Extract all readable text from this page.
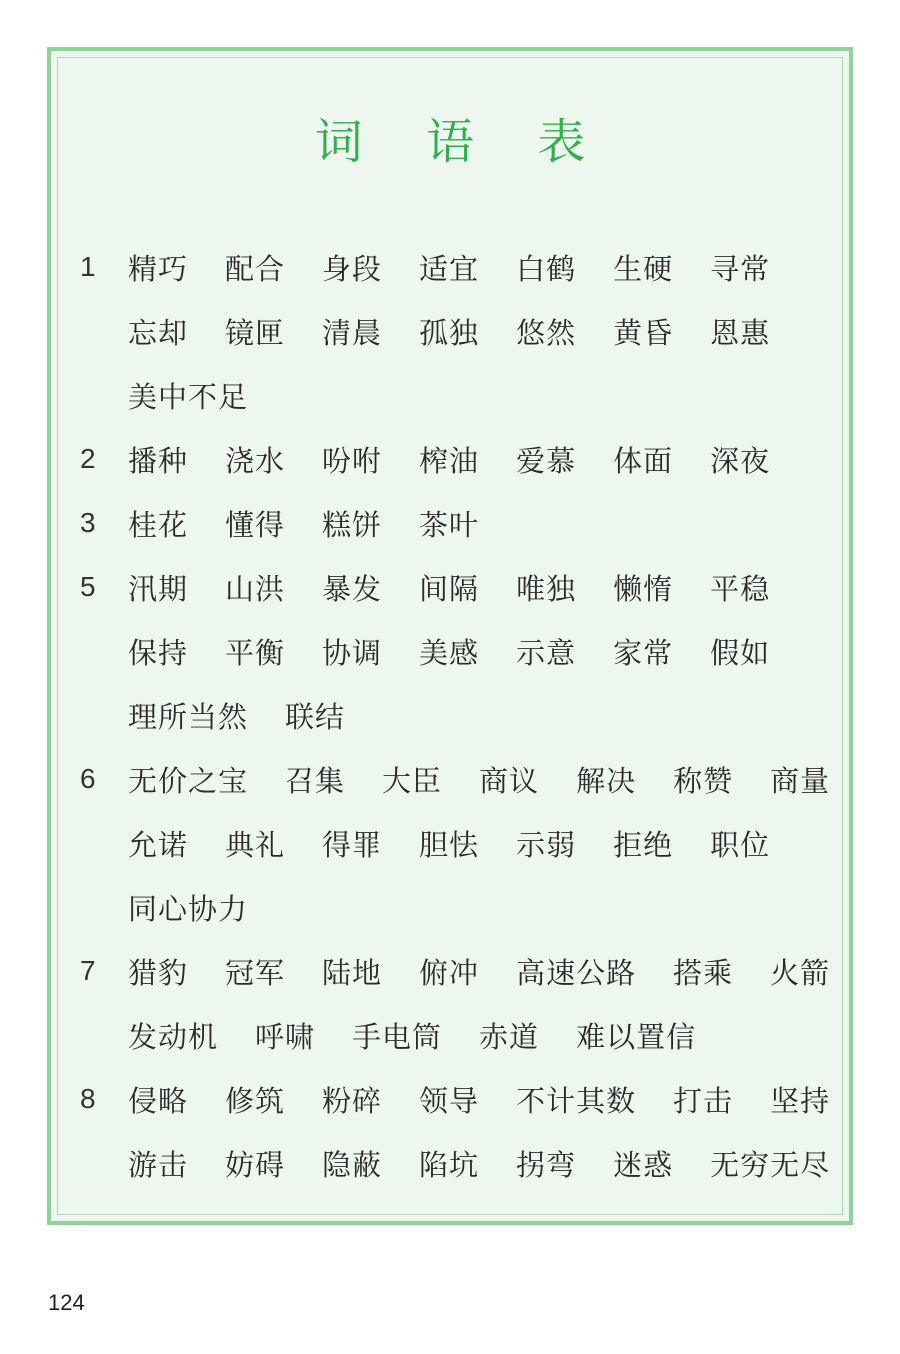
词 语 表
1	精巧 配合 身段 适宜 白鹤 生硬 寻常
忘却 镜匣 清晨 孤独 悠然 黄昏 恩惠
美中不足
2	播种 浇水 吩咐 榨油 爱慕 体面 深夜
3	桂花 懂得 糕饼 茶叶
5	汛期 山洪 暴发 间隔 唯独 懒惰 平稳
保持 平衡 协调 美感 示意 家常 假如
理所当然 联结
6	无价之宝 召集 大臣 商议 解决 称赞 商量
允诺 典礼 得罪 胆怯 示弱 拒绝 职位
同心协力
7	猎豹 冠军 陆地 俯冲 高速公路 搭乘 火箭
发动机 呼啸 手电筒 赤道 难以置信
8	侵略 修筑 粉碎 领导 不计其数 打击 坚持
游击 妨碍 隐蔽 陷坑 拐弯 迷惑 无穷无尽
124
